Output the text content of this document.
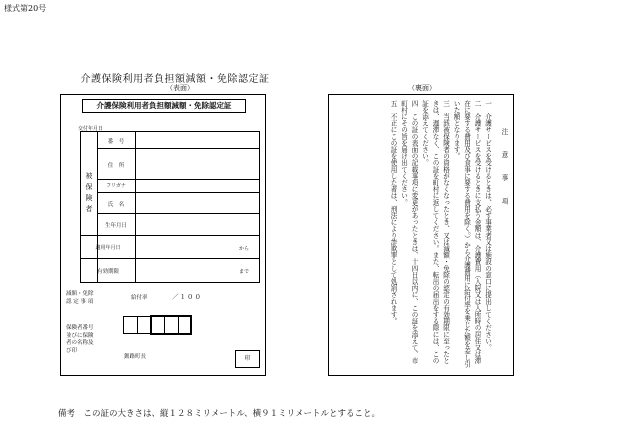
様式第20号
介護保険利用者負担額減額・免除認定証
（表面）	（裏面）
介護保険利用者負担額減額・免除認定証
交付年月日
被保険者
番　号
住　所
フリガナ
氏　名
生年月日
適用年月日
有効期限
から
まで
減額・免除
認 定 事 項
給付率	／１００
保険者番号
並びに保険
者の名称及
び印
釧路町長	印

注　意　事　項

一　介護サービスを受けるときは、必ず事業者又は施設の窓口に提出してください。

二　介護サービスを受けるときに支払う金額は、介護費用（入院又は入所時の居住又は滞在に要する費用及び食事に要する費用を除く。）から介護費用に給付率を乗じた額を差し引いた額となります。

三　当該被保険者の資格がなくなったとき、又は減額・免除の認定の有効期限に至ったときは、遅滞なく、この証を町村に返してください。また、転出の届出をする際には、この証を添えてください。

四　この証の表面の記載事項に変更があったときは、十四日以内に、この証を添えて、市町村にその旨を届け出てください。

五　不正にこの証を使用した者は、刑法により詐欺罪として処罰されます。

備考　この証の大きさは、縦１２８ミリメートル、横９１ミリメートルとすること。
